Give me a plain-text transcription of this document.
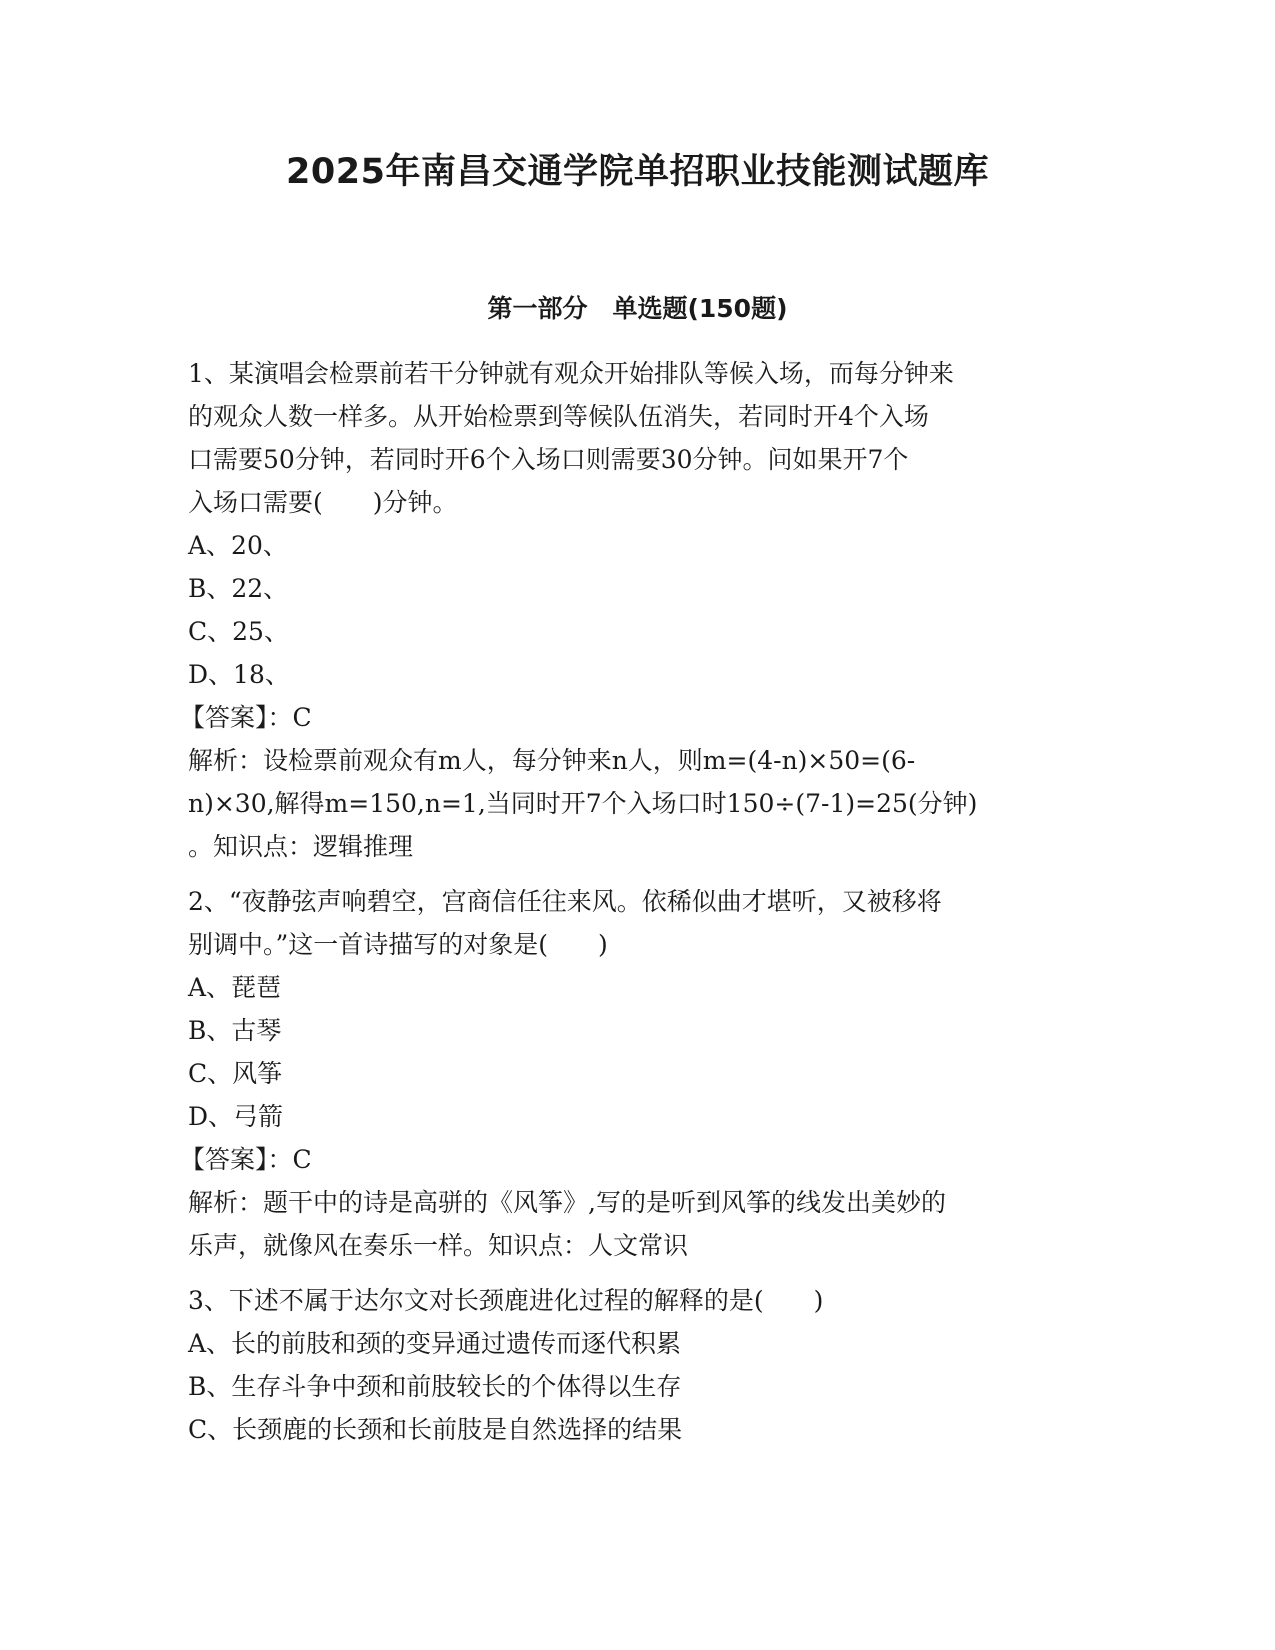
2025年南昌交通学院单招职业技能测试题库
第一部分　单选题(150题)
1、某演唱会检票前若干分钟就有观众开始排队等候入场，而每分钟来
的观众人数一样多。从开始检票到等候队伍消失，若同时开4个入场
口需要50分钟，若同时开6个入场口则需要30分钟。问如果开7个
入场口需要(　　)分钟。
A、20、
B、22、
C、25、
D、18、
【答案】：C
解析：设检票前观众有m人，每分钟来n人，则m=(4-n)×50=(6-
n)×30,解得m=150,n=1,当同时开7个入场口时150÷(7-1)=25(分钟)
。知识点：逻辑推理
2、“夜静弦声响碧空，宫商信任往来风。依稀似曲才堪听，又被移将
别调中。”这一首诗描写的对象是(　　)
A、琵琶
B、古琴
C、风筝
D、弓箭
【答案】：C
解析：题干中的诗是高骈的《风筝》,写的是听到风筝的线发出美妙的
乐声，就像风在奏乐一样。知识点：人文常识
3、下述不属于达尔文对长颈鹿进化过程的解释的是(　　)
A、长的前肢和颈的变异通过遗传而逐代积累
B、生存斗争中颈和前肢较长的个体得以生存
C、长颈鹿的长颈和长前肢是自然选择的结果
